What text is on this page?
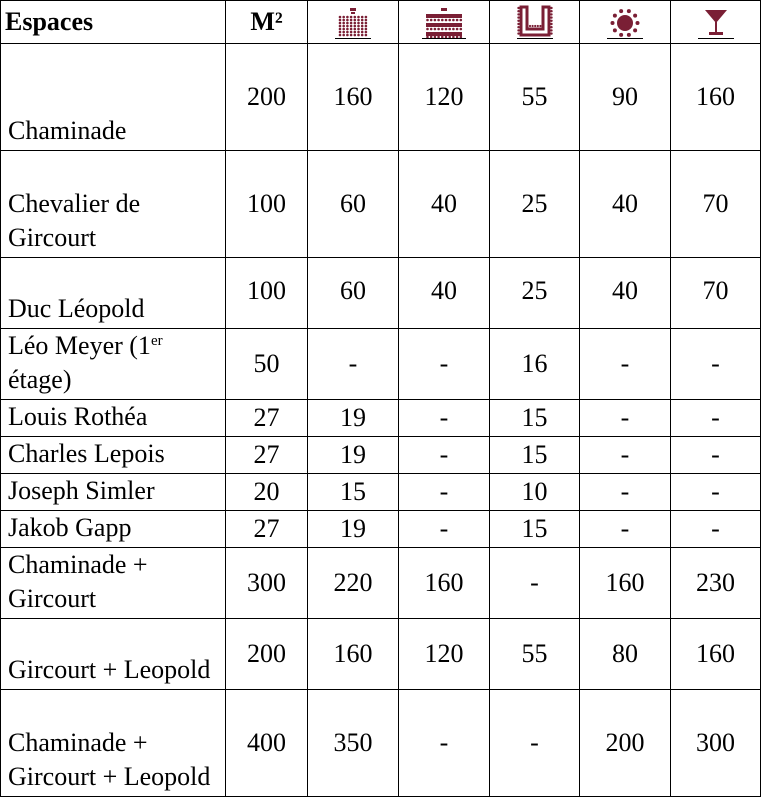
Espaces	M²					
Chaminade	200	160	120	55	90	160
Chevalier de Gircourt	100	60	40	25	40	70
Duc Léopold	100	60	40	25	40	70
Léo Meyer (1er étage)	50	-	-	16	-	-
Louis Rothéa	27	19	-	15	-	-
Charles Lepois	27	19	-	15	-	-
Joseph Simler	20	15	-	10	-	-
Jakob Gapp	27	19	-	15	-	-
Chaminade + Gircourt	300	220	160	-	160	230
Gircourt + Leopold	200	160	120	55	80	160
Chaminade + Gircourt + Leopold	400	350	-	-	200	300
